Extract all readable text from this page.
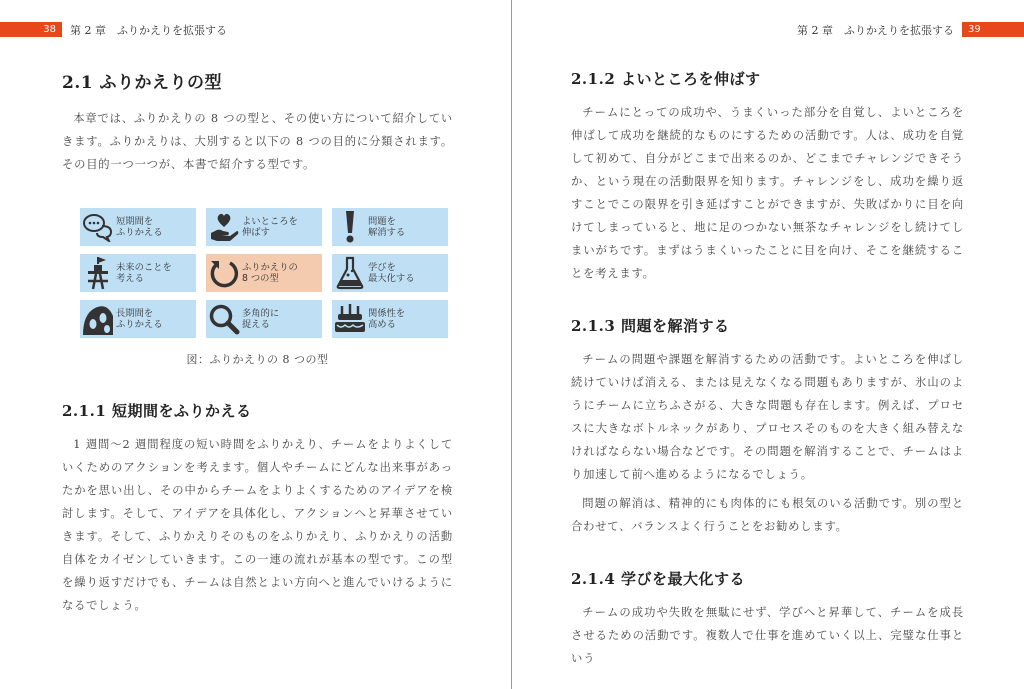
38	第 2 章　ふりかえりを拡張する
2.1 ふりかえりの型

本章では、ふりかえりの 8 つの型と、その使い方について紹介していきます。ふりかえりは、大別すると以下の 8 つの目的に分類されます。その目的一つ一つが、本書で紹介する型です。

短期間を
ふりかえる
よいところを
伸ばす
問題を
解消する
未来のことを
考える
ふりかえりの
8 つの型
学びを
最大化する
長期間を
ふりかえる
多角的に
捉える
関係性を
高める
図：ふりかえりの 8 つの型
2.1.1 短期間をふりかえる

1 週間〜2 週間程度の短い時間をふりかえり、チームをよりよくしていくためのアクションを考えます。個人やチームにどんな出来事があったかを思い出し、その中からチームをよりよくするためのアイデアを検討します。そして、アイデアを具体化し、アクションへと昇華させていきます。そして、ふりかえりそのものをふりかえり、ふりかえりの活動自体をカイゼンしていきます。この一連の流れが基本の型です。この型を繰り返すだけでも、チームは自然とよい方向へと進んでいけるようになるでしょう。

第 2 章　ふりかえりを拡張する	39
2.1.2 よいところを伸ばす

チームにとっての成功や、うまくいった部分を自覚し、よいところを伸ばして成功を継続的なものにするための活動です。人は、成功を自覚して初めて、自分がどこまで出来るのか、どこまでチャレンジできそうか、という現在の活動限界を知ります。チャレンジをし、成功を繰り返すことでこの限界を引き延ばすことができますが、失敗ばかりに目を向けてしまっていると、地に足のつかない無茶なチャレンジをし続けてしまいがちです。まずはうまくいったことに目を向け、そこを継続することを考えます。

2.1.3 問題を解消する

チームの問題や課題を解消するための活動です。よいところを伸ばし続けていけば消える、または見えなくなる問題もありますが、氷山のようにチームに立ちふさがる、大きな問題も存在します。例えば、プロセスに大きなボトルネックがあり、プロセスそのものを大きく組み替えなければならない場合などです。その問題を解消することで、チームはより加速して前へ進めるようになるでしょう。

問題の解消は、精神的にも肉体的にも根気のいる活動です。別の型と合わせて、バランスよく行うことをお勧めします。

2.1.4 学びを最大化する

チームの成功や失敗を無駄にせず、学びへと昇華して、チームを成長させるための活動です。複数人で仕事を進めていく以上、完璧な仕事という
